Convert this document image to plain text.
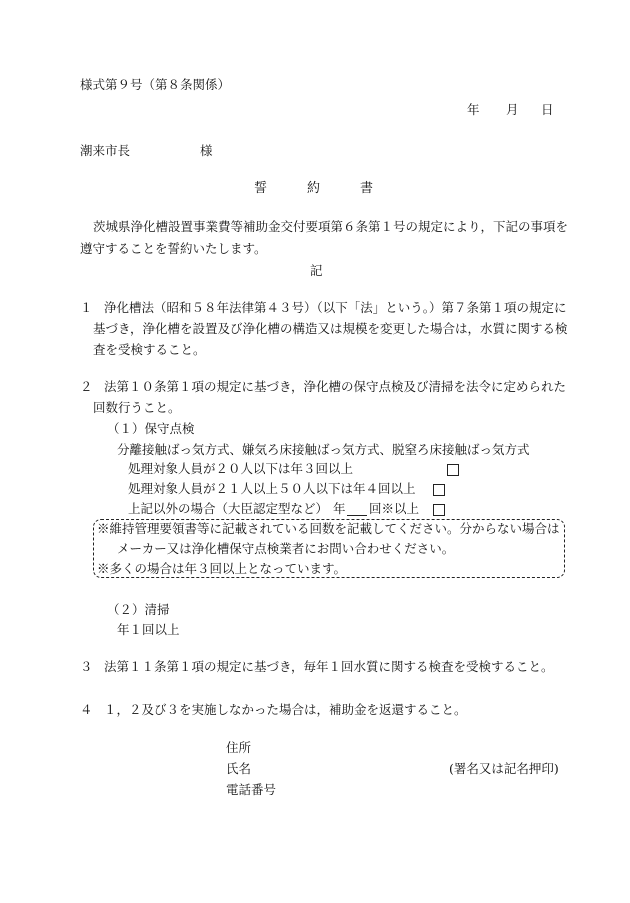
様式第９号（第８条関係）
年 月 日
潮来市長	様
誓	約	書
茨城県浄化槽設置事業費等補助金交付要項第６条第１号の規定により，下記の事項を
遵守することを誓約いたします。
記
１ 浄化槽法（昭和５８年法律第４３号）（以下「法」という。）第７条第１項の規定に
基づき，浄化槽を設置及び浄化槽の構造又は規模を変更した場合は，水質に関する検
査を受検すること。
２ 法第１０条第１項の規定に基づき，浄化槽の保守点検及び清掃を法令に定められた
回数行うこと。
（１）保守点検
分離接触ばっ気方式、嫌気ろ床接触ばっ気方式、脱窒ろ床接触ばっ気方式
処理対象人員が２０人以下は年３回以上
処理対象人員が２１人以上５０人以下は年４回以上
上記以外の場合（大臣認定型など） 年 回※以上
※維持管理要領書等に記載されている回数を記載してください。分からない場合は
メーカー又は浄化槽保守点検業者にお問い合わせください。
※多くの場合は年３回以上となっています。
（２）清掃
年１回以上
３ 法第１１条第１項の規定に基づき，毎年１回水質に関する検査を受検すること。
４ １，２及び３を実施しなかった場合は，補助金を返還すること。
住所
氏名	(署名又は記名押印)
電話番号
